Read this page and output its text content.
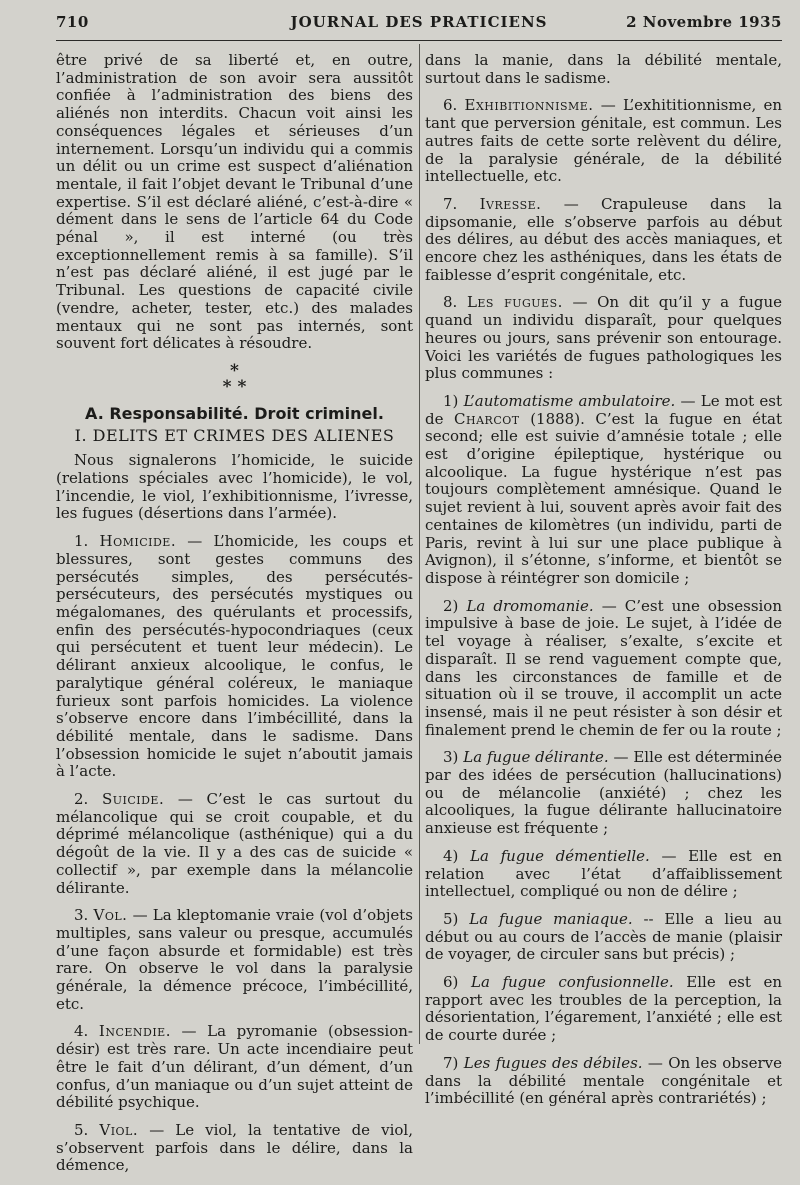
710	JOURNAL DES PRATICIENS	2 Novembre 1935

être privé de sa liberté et, en outre, l’administration de son avoir sera aussitôt confiée à l’administration des biens des aliénés non interdits. Chacun voit ainsi les conséquences légales et sérieuses d’un internement. Lorsqu’un individu qui a commis un délit ou un crime est suspect d’aliénation mentale, il fait l’objet devant le Tribunal d’une expertise. S’il est déclaré aliéné, c’est-à-dire « dément dans le sens de l’article 64 du Code pénal », il est interné (ou très exceptionnellement remis à sa famille). S’il n’est pas déclaré aliéné, il est jugé par le Tribunal. Les questions de capacité civile (vendre, acheter, tester, etc.) des malades mentaux qui ne sont pas internés, sont souvent fort délicates à résoudre.

*
* *
A. Responsabilité. Droit criminel.
I. DELITS ET CRIMES DES ALIENES

Nous signalerons l’homicide, le suicide (relations spéciales avec l’homicide), le vol, l’incendie, le viol, l’exhibitionnisme, l’ivresse, les fugues (désertions dans l’armée).

1. Homicide. — L’homicide, les coups et blessures, sont gestes communs des persécutés simples, des persécutés-persécuteurs, des persécutés mystiques ou mégalomanes, des quérulants et processifs, enfin des persécutés-hypocondriaques (ceux qui persécutent et tuent leur médecin). Le délirant anxieux alcoolique, le confus, le paralytique général coléreux, le maniaque furieux sont parfois homicides. La violence s’observe encore dans l’imbécillité, dans la débilité mentale, dans le sadisme. Dans l’obsession homicide le sujet n’aboutit jamais à l’acte.

2. Suicide. — C’est le cas surtout du mélancolique qui se croit coupable, et du déprimé mélancolique (asthénique) qui a du dégoût de la vie. Il y a des cas de suicide « collectif », par exemple dans la mélancolie délirante.

3. Vol. — La kleptomanie vraie (vol d’objets multiples, sans valeur ou presque, accumulés d’une façon absurde et formidable) est très rare. On observe le vol dans la paralysie générale, la démence précoce, l’imbécillité, etc.

4. Incendie. — La pyromanie (obsession-désir) est très rare. Un acte incendiaire peut être le fait d’un délirant, d’un dément, d’un confus, d’un maniaque ou d’un sujet atteint de débilité psychique.

5. Viol. — Le viol, la tentative de viol, s’observent parfois dans le délire, dans la démence,

dans la manie, dans la débilité mentale, surtout dans le sadisme.

6. Exhibitionnisme. — L’exhititionnisme, en tant que perversion génitale, est commun. Les autres faits de cette sorte relèvent du délire, de la paralysie générale, de la débilité intellectuelle, etc.

7. Ivresse. — Crapuleuse dans la dipsomanie, elle s’observe parfois au début des délires, au début des accès maniaques, et encore chez les asthéniques, dans les états de faiblesse d’esprit congénitale, etc.

8. Les fugues. — On dit qu’il y a fugue quand un individu disparaît, pour quelques heures ou jours, sans prévenir son entourage. Voici les variétés de fugues pathologiques les plus communes :

1) L’automatisme ambulatoire. — Le mot est de Charcot (1888). C’est la fugue en état second; elle est suivie d’amnésie totale ; elle est d’origine épileptique, hystérique ou alcoolique. La fugue hystérique n’est pas toujours complètement amnésique. Quand le sujet revient à lui, souvent après avoir fait des centaines de kilomètres (un individu, parti de Paris, revint à lui sur une place publique à Avignon), il s’étonne, s’informe, et bientôt se dispose à réintégrer son domicile ;

2) La dromomanie. — C’est une obsession impulsive à base de joie. Le sujet, à l’idée de tel voyage à réaliser, s’exalte, s’excite et disparaît. Il se rend vaguement compte que, dans les circonstances de famille et de situation où il se trouve, il accomplit un acte insensé, mais il ne peut résister à son désir et finalement prend le chemin de fer ou la route ;

3) La fugue délirante. — Elle est déterminée par des idées de persécution (hallucinations) ou de mélancolie (anxiété) ; chez les alcooliques, la fugue délirante hallucinatoire anxieuse est fréquente ;

4) La fugue démentielle. — Elle est en relation avec l’état d’affaiblissement intellectuel, compliqué ou non de délire ;

5) La fugue maniaque. -- Elle a lieu au début ou au cours de l’accès de manie (plaisir de voyager, de circuler sans but précis) ;

6) La fugue confusionnelle. Elle est en rapport avec les troubles de la perception, la désorientation, l’égarement, l’anxiété ; elle est de courte durée ;

7) Les fugues des débiles. — On les observe dans la débilité mentale congénitale et l’imbécillité (en général après contrariétés) ;
